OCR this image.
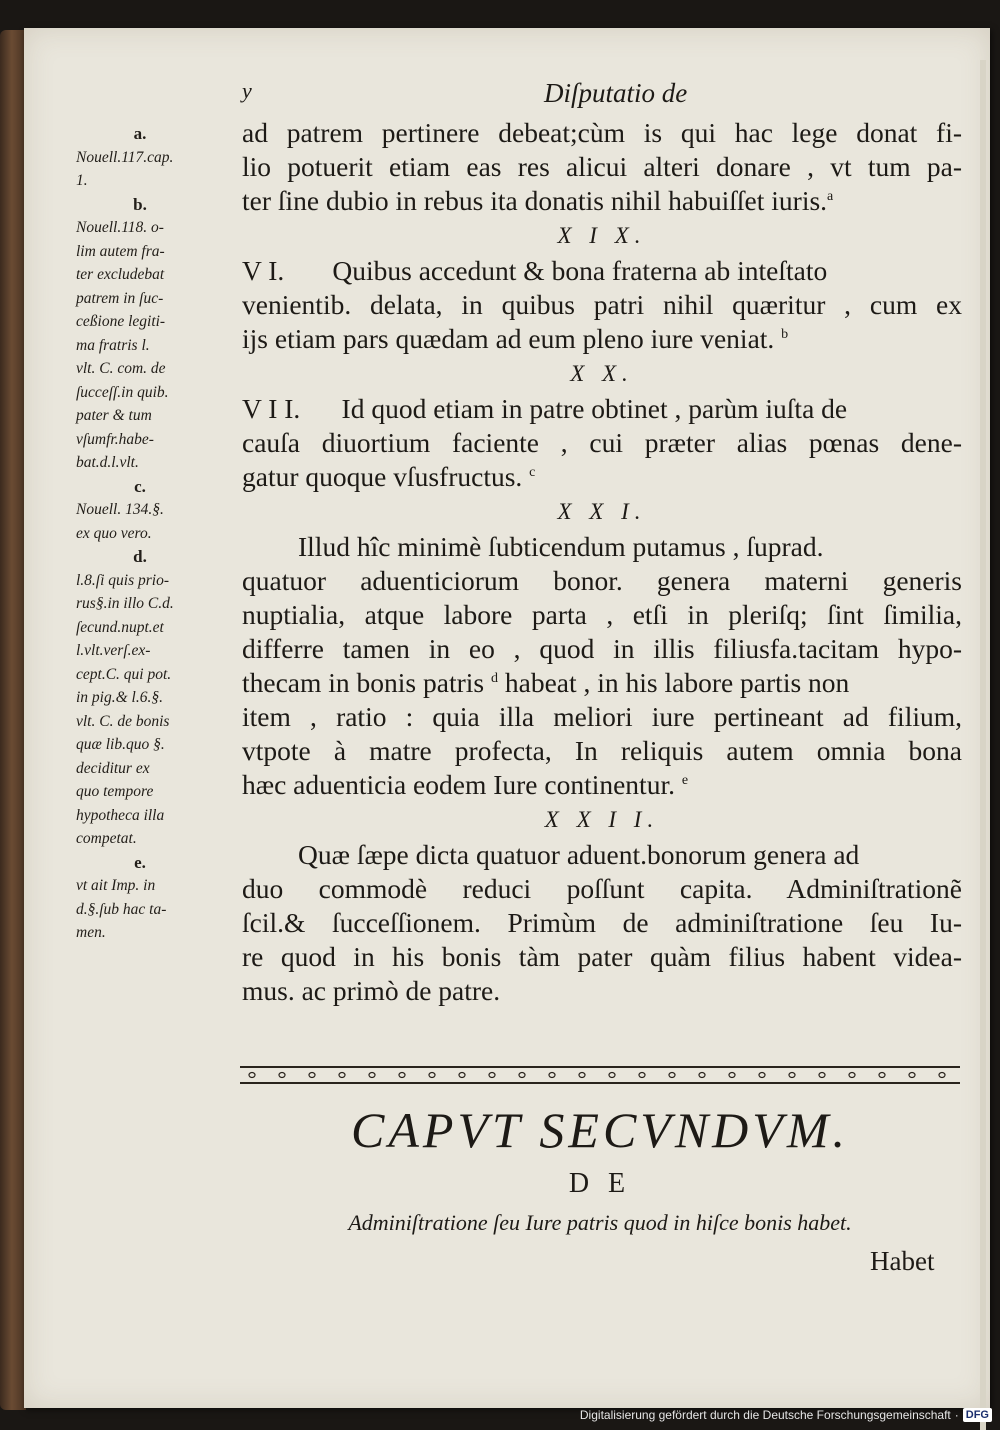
y	Diſputatio de
a.
Nouell.117.cap.
1.
b.
Nouell.118. o-
lim autem fra-
ter excludebat
patrem in ſuc-
ceßione legiti-
ma fratris l.
vlt. C. com. de
ſucceſſ.in quib.
pater & tum
vſumfr.habe-
bat.d.l.vlt.
c.
Nouell. 134.§.
ex quo vero.
d.
l.8.ſi quis prio-
rus§.in illo C.d.
ſecund.nupt.et
l.vlt.verſ.ex-
cept.C. qui pot.
in pig.& l.6.§.
vlt. C. de bonis
quæ lib.quo §.
deciditur ex
quo tempore
hypotheca illa
competat.
e.
vt ait Imp. in
d.§.ſub hac ta-
men.
ad patrem pertinere debeat;cùm is qui hac lege donat fi-
lio potuerit etiam eas res alicui alteri donare , vt tum pa-
ter ſine dubio in rebus ita donatis nihil habuiſſet iuris.$^a$
X I X.
V I.       Quibus accedunt & bona fraterna ab inteſtato
venientib. delata, in quibus patri nihil quæritur , cum ex
ijs etiam pars quædam ad eum pleno iure veniat. $^b$
X X.
V I I.      Id quod etiam in patre obtinet , parùm iuſta de
cauſa diuortium faciente , cui præter alias pœnas dene-
gatur quoque vſusfructus. $^c$
X X I.
Illud hîc minimè ſubticendum putamus , ſuprad.
quatuor aduenticiorum bonor. genera materni generis
nuptialia, atque labore parta , etſi in pleriſq; ſint ſimilia,
differre tamen in eo , quod in illis filiusfa.tacitam hypo-
thecam in bonis patris $^d$ habeat , in his labore partis non
item , ratio : quia illa meliori iure pertineant ad filium,
vtpote à matre profecta, In reliquis autem omnia bona
hæc aduenticia eodem Iure continentur. $^e$
X X I I.
Quæ ſæpe dicta quatuor aduent.bonorum genera ad
duo commodè reduci poſſunt capita. Adminiſtrationẽ
ſcil.& ſucceſſionem. Primùm de adminiſtratione ſeu Iu-
re quod in his bonis tàm pater quàm filius habent videa-
mus. ac primò de patre.
CAPVT SECVNDVM.
D E
Adminiſtratione ſeu Iure patris quod in hiſce bonis habet.
Habet
Digitalisierung gefördert durch die Deutsche Forschungsgemeinschaft · DFG
